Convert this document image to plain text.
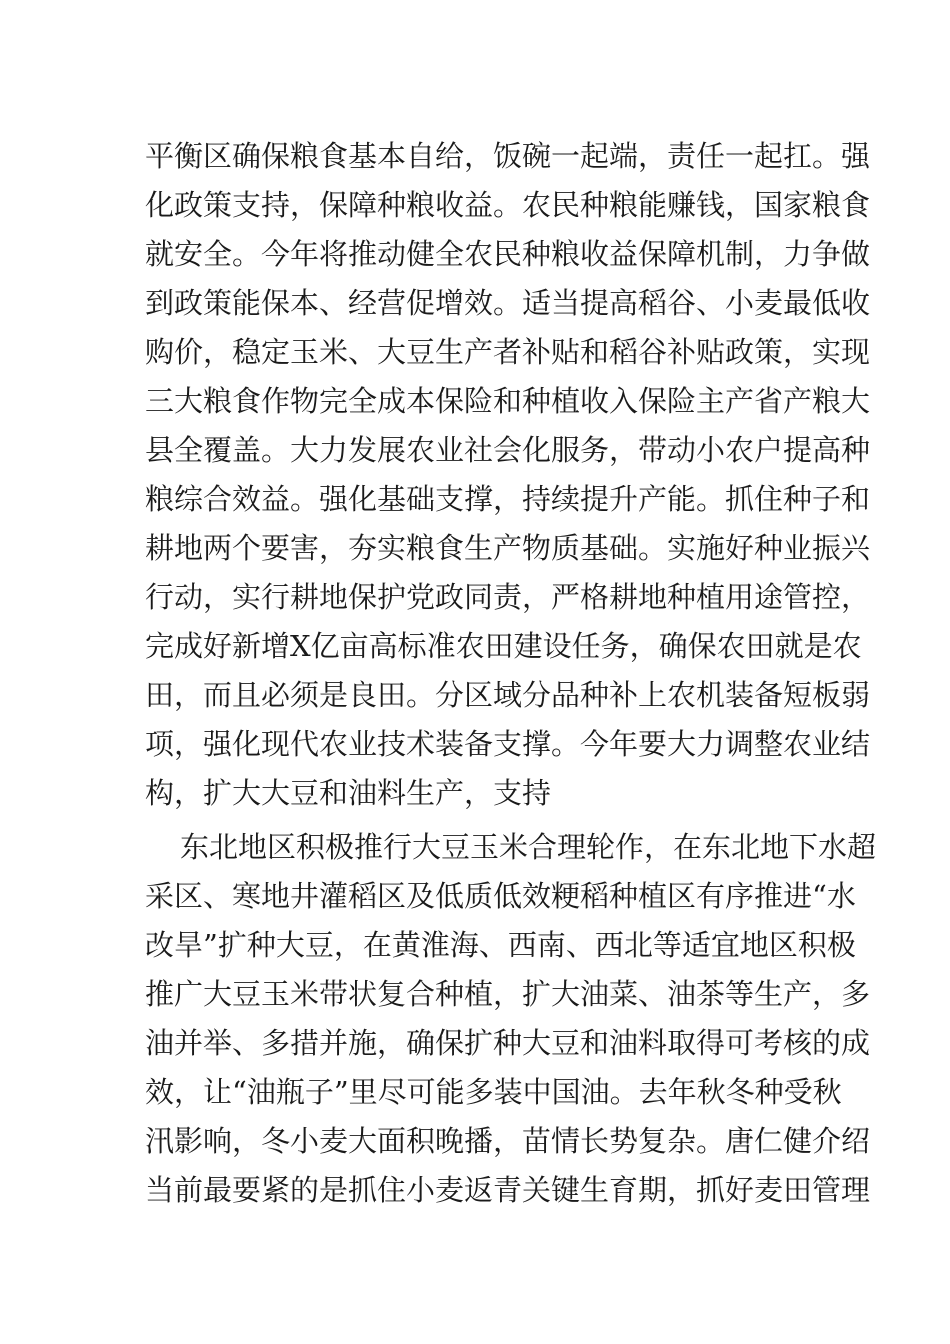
平衡区确保粮食基本自给，饭碗一起端，责任一起扛。强
化政策支持，保障种粮收益。农民种粮能赚钱，国家粮食
就安全。今年将推动健全农民种粮收益保障机制，力争做
到政策能保本、经营促增效。适当提高稻谷、小麦最低收
购价，稳定玉米、大豆生产者补贴和稻谷补贴政策，实现
三大粮食作物完全成本保险和种植收入保险主产省产粮大
县全覆盖。大力发展农业社会化服务，带动小农户提高种
粮综合效益。强化基础支撑，持续提升产能。抓住种子和
耕地两个要害，夯实粮食生产物质基础。实施好种业振兴
行动，实行耕地保护党政同责，严格耕地种植用途管控，
完成好新增X亿亩高标准农田建设任务，确保农田就是农
田，而且必须是良田。分区域分品种补上农机装备短板弱
项，强化现代农业技术装备支撑。今年要大力调整农业结
构，扩大大豆和油料生产，支持
东北地区积极推行大豆玉米合理轮作，在东北地下水超
采区、寒地井灌稻区及低质低效粳稻种植区有序推进“水
改旱”扩种大豆，在黄淮海、西南、西北等适宜地区积极
推广大豆玉米带状复合种植，扩大油菜、油茶等生产，多
油并举、多措并施，确保扩种大豆和油料取得可考核的成
效，让“油瓶子”里尽可能多装中国油。去年秋冬种受秋
汛影响，冬小麦大面积晚播，苗情长势复杂。唐仁健介绍
当前最要紧的是抓住小麦返青关键生育期，抓好麦田管理
